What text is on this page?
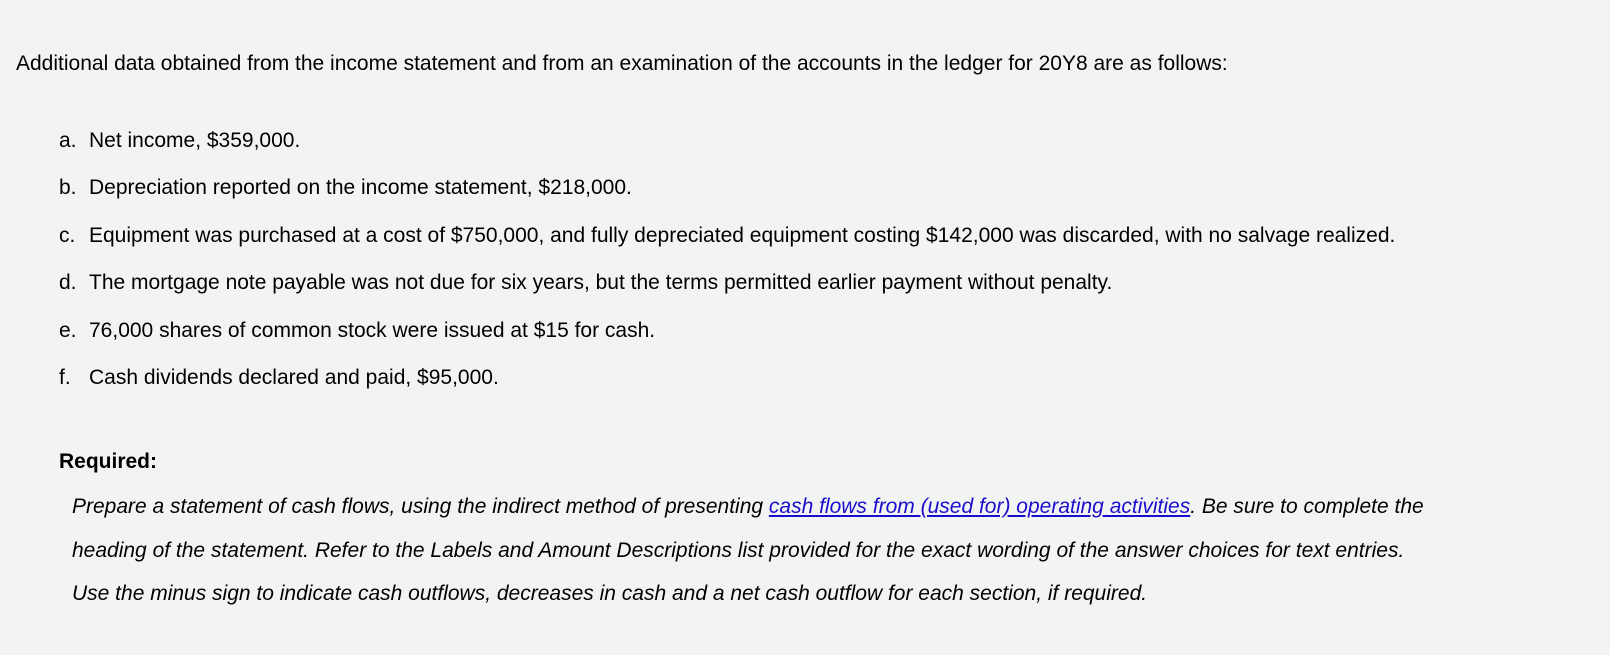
Additional data obtained from the income statement and from an examination of the accounts in the ledger for 20Y8 are as follows:
a. Net income, $359,000.
b. Depreciation reported on the income statement, $218,000.
c. Equipment was purchased at a cost of $750,000, and fully depreciated equipment costing $142,000 was discarded, with no salvage realized.
d. The mortgage note payable was not due for six years, but the terms permitted earlier payment without penalty.
e. 76,000 shares of common stock were issued at $15 for cash.
f. Cash dividends declared and paid, $95,000.
Required:
Prepare a statement of cash flows, using the indirect method of presenting cash flows from (used for) operating activities. Be sure to complete the
heading of the statement. Refer to the Labels and Amount Descriptions list provided for the exact wording of the answer choices for text entries.
Use the minus sign to indicate cash outflows, decreases in cash and a net cash outflow for each section, if required.
